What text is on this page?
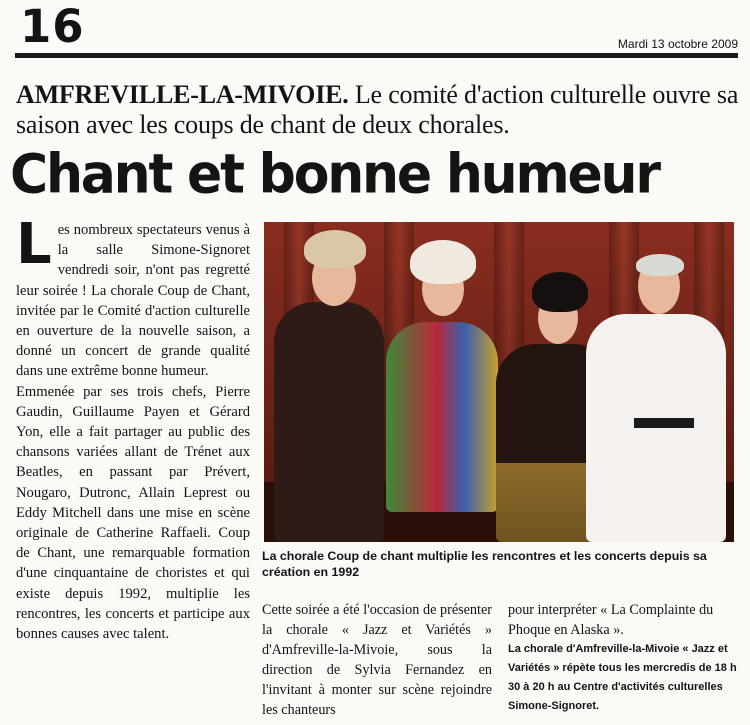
16	Mardi 13 octobre 2009
AMFREVILLE-LA-MIVOIE. Le comité d'action culturelle ouvre sa saison avec les coups de chant de deux chorales.
Chant et bonne humeur

Les nombreux spectateurs venus à la salle Simone-Signoret vendredi soir, n'ont pas regretté leur soirée ! La chorale Coup de Chant, invitée par le Comité d'action culturelle en ouverture de la nouvelle saison, a donné un concert de grande qualité dans une extrême bonne humeur.

Emmenée par ses trois chefs, Pierre Gaudin, Guillaume Payen et Gérard Yon, elle a fait partager au public des chansons variées allant de Trénet aux Beatles, en passant par Prévert, Nougaro, Dutronc, Allain Leprest ou Eddy Mitchell dans une mise en scène originale de Catherine Raffaeli. Coup de Chant, une remarquable formation d'une cinquantaine de choristes et qui existe depuis 1992, multiplie les rencontres, les concerts et participe aux bonnes causes avec talent.

La chorale Coup de chant multiplie les rencontres et les concerts depuis sa création en 1992
Cette soirée a été l'occasion de présenter la chorale « Jazz et Variétés » d'Amfreville-la-Mivoie, sous la direction de Sylvia Fernandez en l'invitant à monter sur scène rejoindre les chanteurs

pour interpréter « La Complainte du Phoque en Alaska ».

La chorale d'Amfreville-la-Mivoie « Jazz et Variétés » répète tous les mercredis de 18 h 30 à 20 h au Centre d'activités culturelles Simone-Signoret.
